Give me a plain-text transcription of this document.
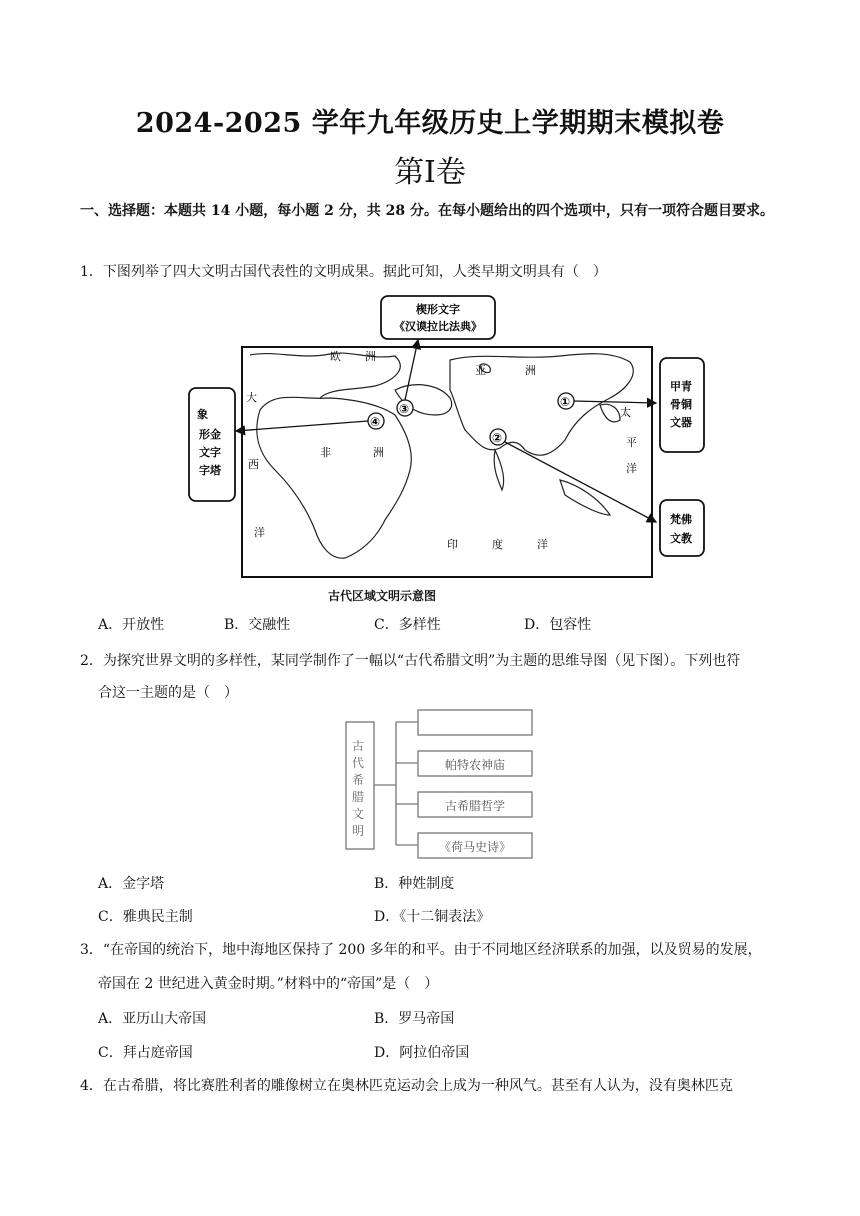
2024-2025 学年九年级历史上学期期末模拟卷
第Ⅰ卷
一、选择题：本题共 14 小题，每小题 2 分，共 28 分。在每小题给出的四个选项中，只有一项符合题目要求。
1．下图列举了四大文明古国代表性的文明成果。据此可知，人类早期文明具有（　）
欧 洲
亚	洲
非	洲
大
西
洋
太
平
洋
印	度	洋
①
②
③
④
楔形文字
《汉谟拉比法典》
象
形金
文字
字塔
甲青
骨铜
文器
梵佛
文教
古代区域文明示意图
A．开放性	B．交融性	C．多样性	D．包容性
2．为探究世界文明的多样性，某同学制作了一幅以“古代希腊文明”为主题的思维导图（见下图）。下列也符
合这一主题的是（　）
古
代
希
腊
文
明
帕特农神庙
古希腊哲学
《荷马史诗》
A．金字塔	B．种姓制度
C．雅典民主制	D．《十二铜表法》
3．“在帝国的统治下，地中海地区保持了 200 多年的和平。由于不同地区经济联系的加强，以及贸易的发展，
帝国在 2 世纪进入黄金时期。”材料中的“帝国”是（　）
A．亚历山大帝国	B．罗马帝国
C．拜占庭帝国	D．阿拉伯帝国
4．在古希腊，将比赛胜利者的雕像树立在奥林匹克运动会上成为一种风气。甚至有人认为，没有奥林匹克
